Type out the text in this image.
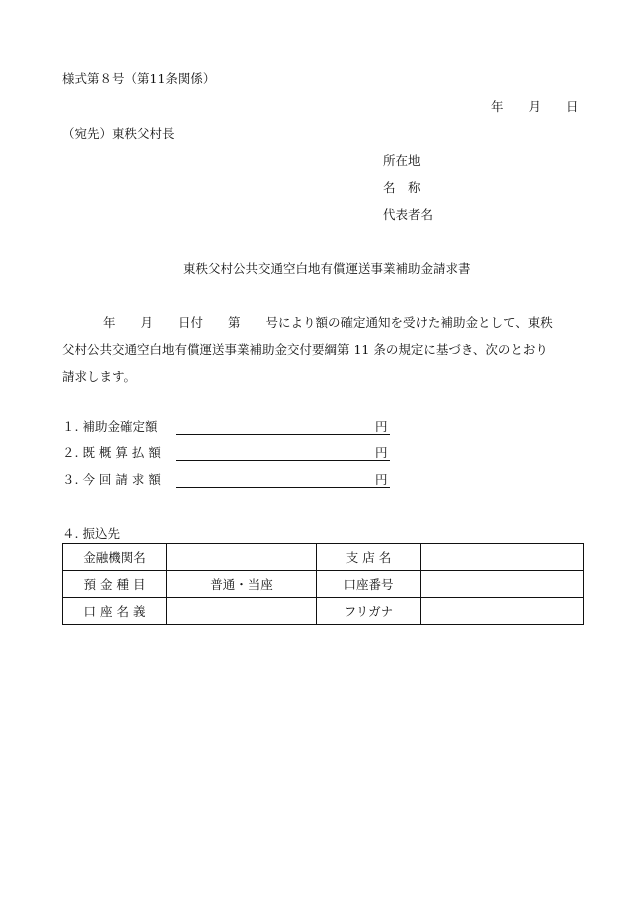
様式第８号（第11条関係）
年　　月　　日
（宛先）東秩父村長
所在地
名　称
代表者名
東秩父村公共交通空白地有償運送事業補助金請求書
年　　月　　日付　　第　　号により額の確定通知を受けた補助金として、東秩
父村公共交通空白地有償運送事業補助金交付要綱第 11 条の規定に基づき、次のとおり
請求します。
１. 補助金確定額	円
２. 既 概 算 払 額	円
３. 今 回 請 求 額	円
４. 振込先
金融機関名		支 店 名	
預 金 種 目	普通・当座	口座番号	
口 座 名 義		フリガナ	
